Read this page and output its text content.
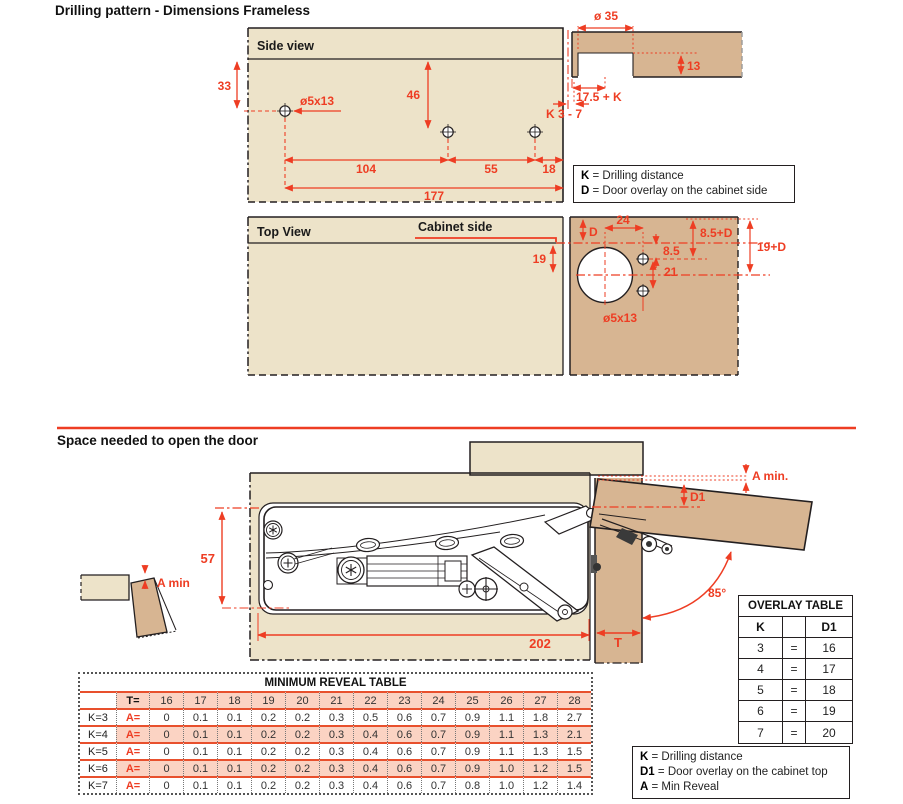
Drilling pattern - Dimensions Frameless
Side view
33
46
ø5x13
104	55	18
177
ø 35
13
17.5 + K
K 3 - 7
Top View	Cabinet side	D
24
8.5
21
19
ø5x13
8.5+D
19+D
K = Drilling distance
D = Door overlay on the cabinet side
Space needed to open the door
A min
57
202	T
A min.
D1
85°
OVERLAY TABLE
K	D1
3	=	16
4	=	17
5	=	18
6	=	19
7	=	20
MINIMUM REVEAL TABLE
T=	16	17	18	19	20	21	22	23	24	25	26	27	28
K=3	A=	0	0.1	0.1	0.2	0.2	0.3	0.5	0.6	0.7	0.9	1.1	1.8	2.7
K=4	A=	0	0.1	0.1	0.2	0.2	0.3	0.4	0.6	0.7	0.9	1.1	1.3	2.1
K=5	A=	0	0.1	0.1	0.2	0.2	0.3	0.4	0.6	0.7	0.9	1.1	1.3	1.5
K=6	A=	0	0.1	0.1	0.2	0.2	0.3	0.4	0.6	0.7	0.9	1.0	1.2	1.5
K=7	A=	0	0.1	0.1	0.2	0.2	0.3	0.4	0.6	0.7	0.8	1.0	1.2	1.4
K = Drilling distance
D1 = Door overlay on the cabinet top
A = Min Reveal
